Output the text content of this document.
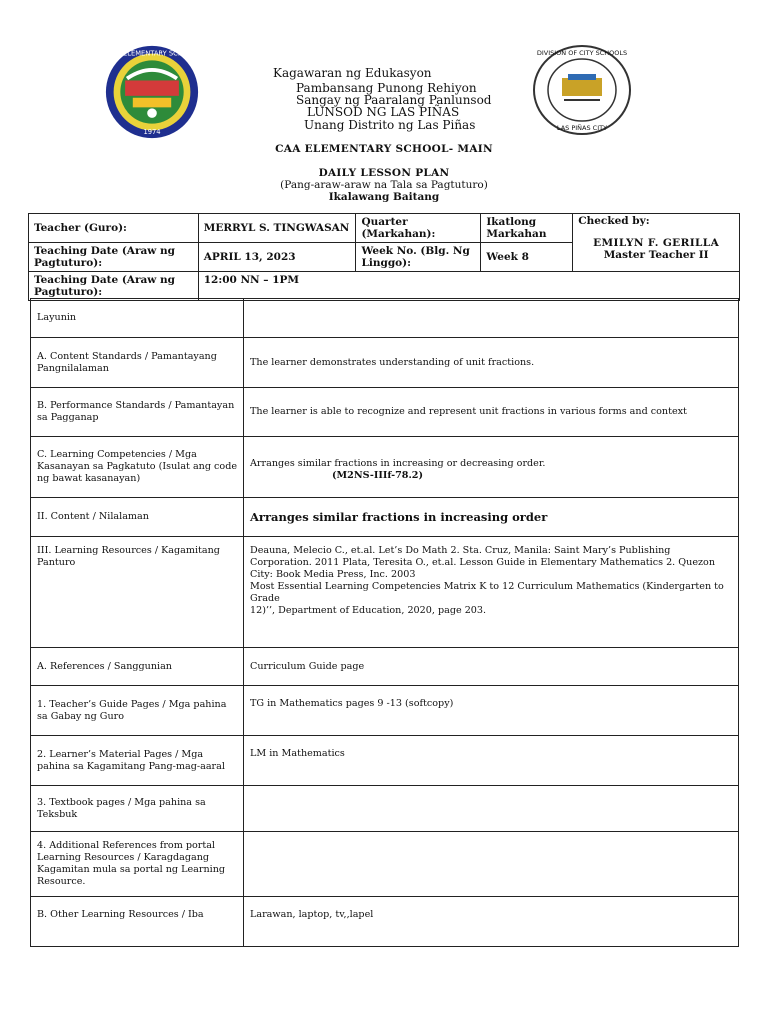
CAA ELEMENTARY SCHOOL
1974
DIVISION OF CITY SCHOOLS
LAS PIÑAS CITY
Kagawaran ng Edukasyon
Pambansang Punong Rehiyon
Sangay ng Paaralang Panlunsod
LUNSOD NG LAS PIÑAS
Unang Distrito ng Las Piñas
CAA ELEMENTARY SCHOOL- MAIN
DAILY LESSON PLAN
(Pang-araw-araw na Tala sa Pagtuturo)
Ikalawang Baitang
Teacher (Guro):	MERRYL S. TINGWASAN	Quarter (Markahan):	Ikatlong Markahan	Checked by:
EMILYN F. GERILLA
Master Teacher II

Teaching Date (Araw ng Pagtuturo):	APRIL 13, 2023	Week No. (Blg. Ng Linggo):	Week 8	
Teaching Date (Araw ng Pagtuturo):	12:00 NN – 1PM			
Layunin	
A. Content Standards / Pamantayang Pangnilalaman	The learner demonstrates understanding of unit fractions.
B. Performance Standards / Pamantayan sa Pagganap	The learner is able to recognize and represent unit fractions in various forms and context
C. Learning Competencies / Mga Kasanayan sa Pagkatuto (Isulat ang code ng bawat kasanayan)	Arranges similar fractions in increasing or decreasing order.
(M2NS-IIIf-78.2)

II. Content / Nilalaman	Arranges similar fractions in increasing order
III. Learning Resources / Kagamitang Panturo	Deauna, Melecio C., et.al. Let’s Do Math 2. Sta. Cruz, Manila: Saint Mary’s Publishing Corporation. 2011 Plata, Teresita O., et.al. Lesson Guide in Elementary Mathematics 2. Quezon City: Book Media Press, Inc. 2003
Most Essential Learning Competencies Matrix K to 12 Curriculum Mathematics (Kindergarten to Grade
12)’’, Department of Education, 2020, page 203.

A. References / Sanggunian	Curriculum Guide page
1. Teacher’s Guide Pages / Mga pahina sa Gabay ng Guro	TG in Mathematics pages 9 -13 (softcopy)
2. Learner’s Material Pages / Mga pahina sa Kagamitang Pang-mag-aaral	LM in Mathematics
3. Textbook pages / Mga pahina sa Teksbuk	
4. Additional References from portal Learning Resources / Karagdagang Kagamitan mula sa portal ng Learning Resource.	
B. Other Learning Resources / Iba	Larawan, laptop, tv,,lapel
